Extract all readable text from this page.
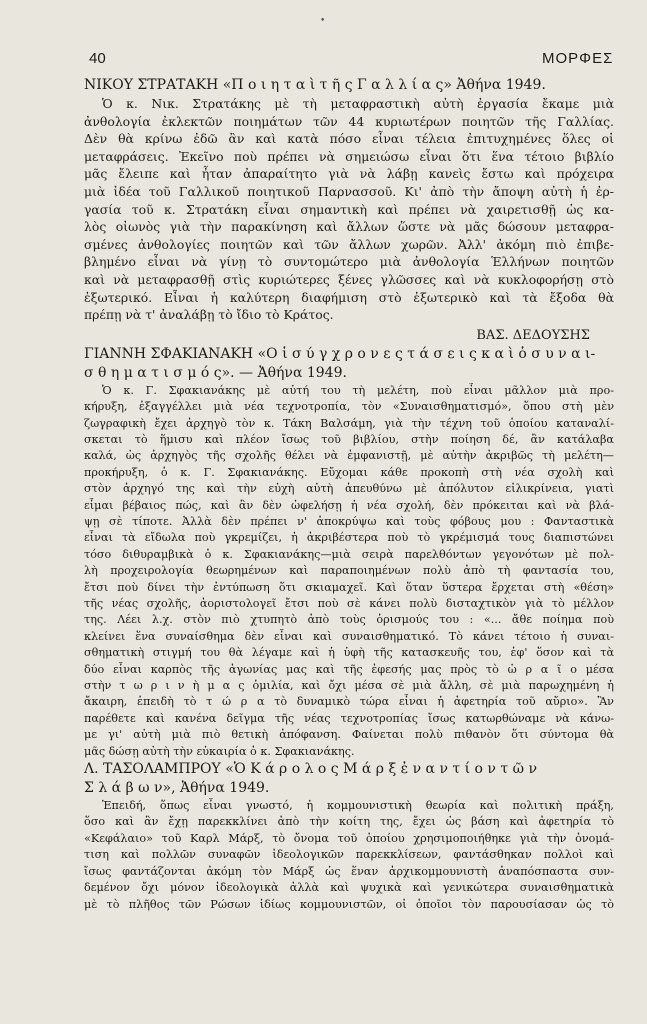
•
40	ΜΟΡΦΕΣ
ΝΙΚΟΥ ΣΤΡΑΤΑΚΗ «Π ο ι η τ α ὶ τ ῆ ς Γ α λ λ ί α ς» Ἀθήνα 1949.
Ὁ κ. Νικ. Στρατάκης μὲ τὴ μεταφραστικὴ αὐτὴ ἐργασία ἔκαμε μιὰ
ἀνθολογία ἐκλεκτῶν ποιημάτων τῶν 44 κυριωτέρων ποιητῶν τῆς Γαλλίας.
Δὲν θὰ κρίνω ἐδῶ ἂν καὶ κατὰ πόσο εἶναι τέλεια ἐπιτυχημένες ὅλες οἱ
μεταφράσεις. Ἐκεῖνο ποὺ πρέπει νὰ σημειώσω εἶναι ὅτι ἕνα τέτοιο βιβλίο
μᾶς ἔλειπε καὶ ἦταν ἀπαραίτητο γιὰ νὰ λάβῃ κανεὶς ἔστω καὶ πρόχειρα
μιὰ ἰδέα τοῦ Γαλλικοῦ ποιητικοῦ Παρνασσοῦ. Κι' ἀπὸ τὴν ἄποψη αὐτὴ ἡ ἐρ-
γασία τοῦ κ. Στρατάκη εἶναι σημαντικὴ καὶ πρέπει νὰ χαιρετισθῇ ὡς κα-
λὸς οἰωνὸς γιὰ τὴν παρακίνηση καὶ ἄλλων ὥστε νὰ μᾶς δώσουν μεταφρα-
σμένες ἀνθολογίες ποιητῶν καὶ τῶν ἄλλων χωρῶν. Ἀλλ' ἀκόμη πιὸ ἐπιβε-
βλημένο εἶναι νὰ γίνῃ τὸ συντομώτερο μιὰ ἀνθολογία Ἑλλήνων ποιητῶν
καὶ νὰ μεταφρασθῇ στὶς κυριώτερες ξένες γλῶσσες καὶ νὰ κυκλοφορήσῃ στὸ
ἐξωτερικό. Εἶναι ἡ καλύτερη διαφήμιση στὸ ἐξωτερικὸ καὶ τὰ ἔξοδα θὰ
πρέπῃ νὰ τ' ἀναλάβῃ τὸ ἴδιο τὸ Κράτος.
ΒΑΣ. ΔΕΔΟΥΣΗΣ
ΓΙΑΝΝΗ ΣΦΑΚΙΑΝΑΚΗ «Ο ἱ σ ύ γ χ ρ ο ν ε ς τ ά σ ε ι ς κ α ὶ ὁ σ υ ν α ι-
σ θ η μ α τ ι σ μ ό ς». — Ἀθήνα 1949.
Ὁ κ. Γ. Σφακιανάκης μὲ αὐτή του τὴ μελέτη, ποὺ εἶναι μᾶλλον μιὰ προ-
κήρυξη, ἐξαγγέλλει μιὰ νέα τεχνοτροπία, τὸν «Συναισθηματισμό», ὅπου στὴ μὲν
ζωγραφικὴ ἔχει ἀρχηγὸ τὸν κ. Τάκη Βαλσάμη, γιὰ τὴν τέχνη τοῦ ὁποίου καταναλί-
σκεται τὸ ἥμισυ καὶ πλέον ἴσως τοῦ βιβλίου, στὴν ποίηση δέ, ἂν κατάλαβα
καλά, ὡς ἀρχηγὸς τῆς σχολῆς θέλει νὰ ἐμφανιστῇ, μὲ αὐτὴν ἀκριβῶς τὴ μελέτη—
προκήρυξη, ὁ κ. Γ. Σφακιανάκης. Εὔχομαι κάθε προκοπὴ στὴ νέα σχολὴ καὶ
στὸν ἀρχηγό της καὶ τὴν εὐχὴ αὐτὴ ἀπευθύνω μὲ ἀπόλυτον εἰλικρίνεια, γιατὶ
εἶμαι βέβαιος πώς, καὶ ἂν δὲν ὠφελήσῃ ἡ νέα σχολή, δὲν πρόκειται καὶ νὰ βλά-
ψῃ σὲ τίποτε. Ἀλλὰ δὲν πρέπει ν' ἀποκρύψω καὶ τοὺς φόβους μου : Φανταστικὰ
εἶναι τὰ εἴδωλα ποὺ γκρεμίζει, ἡ ἀκριβέστερα ποὺ τὸ γκρέμισμά τους διαπιστώνει
τόσο διθυραμβικὰ ὁ κ. Σφακιανάκης—μιὰ σειρὰ παρελθόντων γεγονότων μὲ πολ-
λὴ προχειρολογία θεωρημένων καὶ παραποιημένων πολὺ ἀπὸ τὴ φαντασία του,
ἔτσι ποὺ δίνει τὴν ἐντύπωση ὅτι σκιαμαχεῖ. Καὶ ὅταν ὕστερα ἔρχεται στὴ «θέση»
τῆς νέας σχολῆς, ἀοριστολογεῖ ἔτσι ποὺ σὲ κάνει πολὺ δισταχτικὸν γιὰ τὸ μέλλον
της. Λέει λ.χ. στὸν πιὸ χτυπητὸ ἀπὸ τοὺς ὁρισμούς του : «... ἄθε ποίημα ποὺ
κλείνει ἕνα συναίσθημα δὲν εἶναι καὶ συναισθηματικό. Τὸ κάνει τέτοιο ἡ συναι-
σθηματικὴ στιγμή του θὰ λέγαμε καὶ ἡ ὑφὴ τῆς κατασκευῆς του, ἐφ' ὅσον καὶ τὰ
δύο εἶναι καρπὸς τῆς ἀγωνίας μας καὶ τῆς ἐφεσής μας πρὸς τὸ ὡ ρ α ῖ ο μέσα
στὴν τ ω ρ ι ν ὴ μ α ς ὁμιλία, καὶ ὄχι μέσα σὲ μιὰ ἄλλη, σὲ μιὰ παρωχημένη ἡ
ἄκαιρη, ἐπειδὴ τὸ τ ώ ρ α τὸ δυναμικὸ τώρα εἶναι ἡ ἀφετηρία τοῦ αὔριο». Ἂν
παρέθετε καὶ κανένα δεῖγμα τῆς νέας τεχνοτροπίας ἴσως κατωρθώναμε νὰ κάνω-
με γι' αὐτὴ μιὰ πιὸ θετικὴ ἀπόφανση. Φαίνεται πολὺ πιθανὸν ὅτι σύντομα θὰ
μᾶς δώσῃ αὐτὴ τὴν εὐκαιρία ὁ κ. Σφακιανάκης.
Λ. ΤΑΣΟΛΑΜΠΡΟΥ «Ὁ Κ ά ρ ο λ ο ς Μ ά ρ ξ ἐ ν α ν τ ί ο ν τ ῶ ν
Σ λ ά β ω ν», Ἀθήνα 1949.
Ἐπειδή, ὅπως εἶναι γνωστό, ἡ κομμουνιστικὴ θεωρία καὶ πολιτικὴ πράξη,
ὅσο καὶ ἂν ἔχῃ παρεκκλίνει ἀπὸ τὴν κοίτη της, ἔχει ὡς βάση καὶ ἀφετηρία τὸ
«Κεφάλαιο» τοῦ Καρλ Μάρξ, τὸ ὄνομα τοῦ ὁποίου χρησιμοποιήθηκε γιὰ τὴν ὀνομά-
τιση καὶ πολλῶν συναφῶν ἰδεολογικῶν παρεκκλίσεων, φαντάσθηκαν πολλοὶ καὶ
ἴσως φαντάζονται ἀκόμη τὸν Μάρξ ὡς ἕναν ἀρχικομμουνιστὴ ἀναπόσπαστα συν-
δεμένον ὄχι μόνον ἰδεολογικὰ ἀλλὰ καὶ ψυχικὰ καὶ γενικώτερα συναισθηματικὰ
μὲ τὸ πλῆθος τῶν Ρώσων ἰδίως κομμουνιστῶν, οἱ ὁποῖοι τὸν παρουσίασαν ὡς τὸ
